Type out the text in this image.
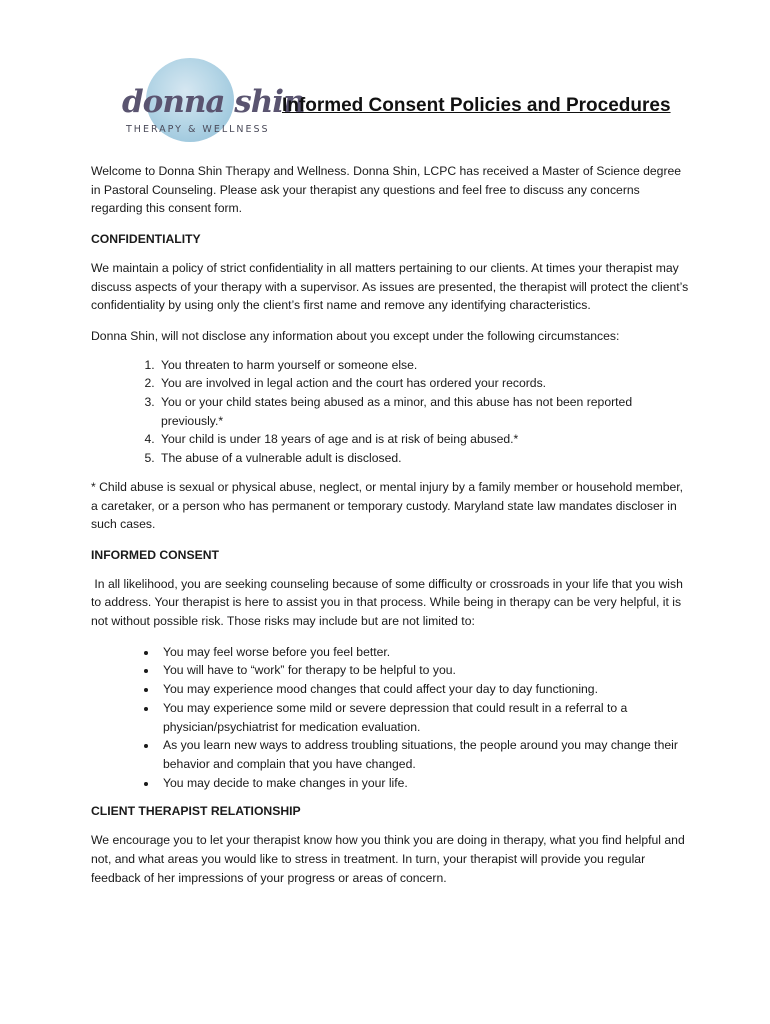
donna shin
THERAPY & WELLNESS
Informed Consent Policies and Procedures

Welcome to Donna Shin Therapy and Wellness. Donna Shin, LCPC has received a Master of Science degree in Pastoral Counseling. Please ask your therapist any questions and feel free to discuss any concerns regarding this consent form.

CONFIDENTIALITY

We maintain a policy of strict confidentiality in all matters pertaining to our clients. At times your therapist may discuss aspects of your therapy with a supervisor. As issues are presented, the therapist will protect the client’s confidentiality by using only the client’s first name and remove any identifying characteristics.

Donna Shin, will not disclose any information about you except under the following circumstances:

1. You threaten to harm yourself or someone else.
2. You are involved in legal action and the court has ordered your records.
3. You or your child states being abused as a minor, and this abuse has not been reported previously.*
4. Your child is under 18 years of age and is at risk of being abused.*
5. The abuse of a vulnerable adult is disclosed.

* Child abuse is sexual or physical abuse, neglect, or mental injury by a family member or household member, a caretaker, or a person who has permanent or temporary custody. Maryland state law mandates discloser in such cases.

INFORMED CONSENT

In all likelihood, you are seeking counseling because of some difficulty or crossroads in your life that you wish to address. Your therapist is here to assist you in that process. While being in therapy can be very helpful, it is not without possible risk. Those risks may include but are not limited to:

• You may feel worse before you feel better.
• You will have to “work” for therapy to be helpful to you.
• You may experience mood changes that could affect your day to day functioning.
• You may experience some mild or severe depression that could result in a referral to a physician/psychiatrist for medication evaluation.
• As you learn new ways to address troubling situations, the people around you may change their behavior and complain that you have changed.
• You may decide to make changes in your life.
CLIENT THERAPIST RELATIONSHIP

We encourage you to let your therapist know how you think you are doing in therapy, what you find helpful and not, and what areas you would like to stress in treatment. In turn, your therapist will provide you regular feedback of her impressions of your progress or areas of concern.
